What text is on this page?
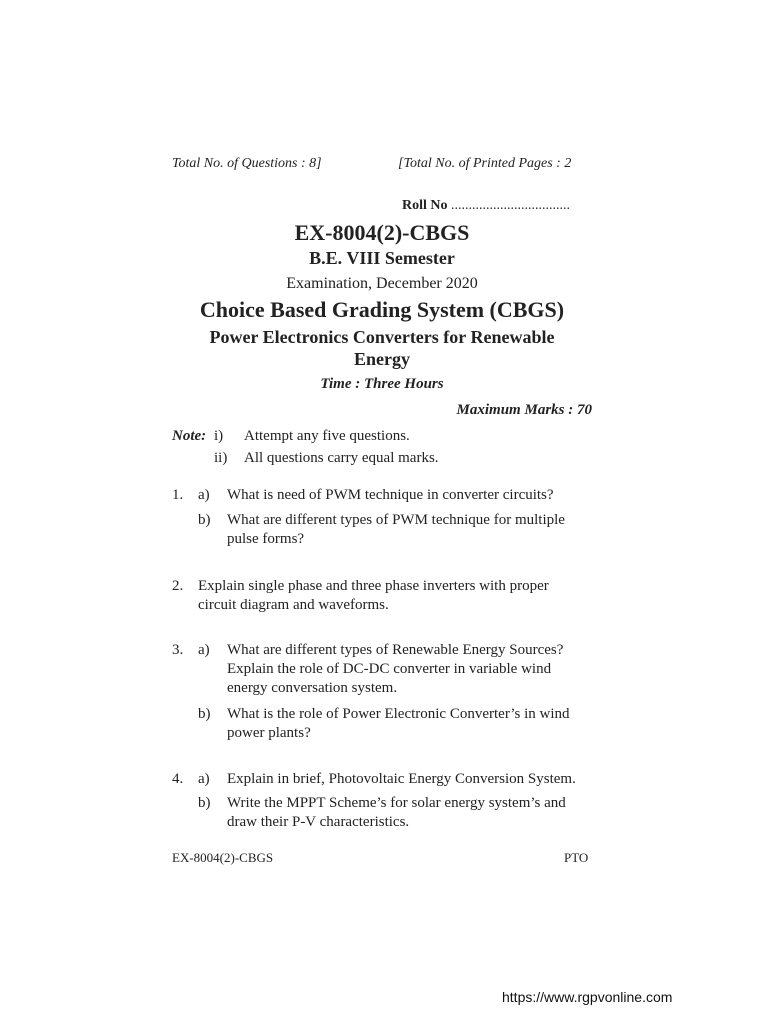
Total No. of Questions : 8]	[Total No. of Printed Pages : 2
Roll No ..................................
EX-8004(2)-CBGS
B.E. VIII Semester
Examination, December 2020
Choice Based Grading System (CBGS)
Power Electronics Converters for Renewable
Energy
Time : Three Hours
Maximum Marks : 70
Note: i) Attempt any five questions.
ii) All questions carry equal marks.
1. a) What is need of PWM technique in converter circuits?
b) What are different types of PWM technique for multiple
pulse forms?
2. Explain single phase and three phase inverters with proper
circuit diagram and waveforms.
3. a) What are different types of Renewable Energy Sources?
Explain the role of DC-DC converter in variable wind
energy conversation system.
b) What is the role of Power Electronic Converter’s in wind
power plants?
4. a) Explain in brief, Photovoltaic Energy Conversion System.
b) Write the MPPT Scheme’s for solar energy system’s and
draw their P-V characteristics.
EX-8004(2)-CBGS	PTO
https://www.rgpvonline.com
